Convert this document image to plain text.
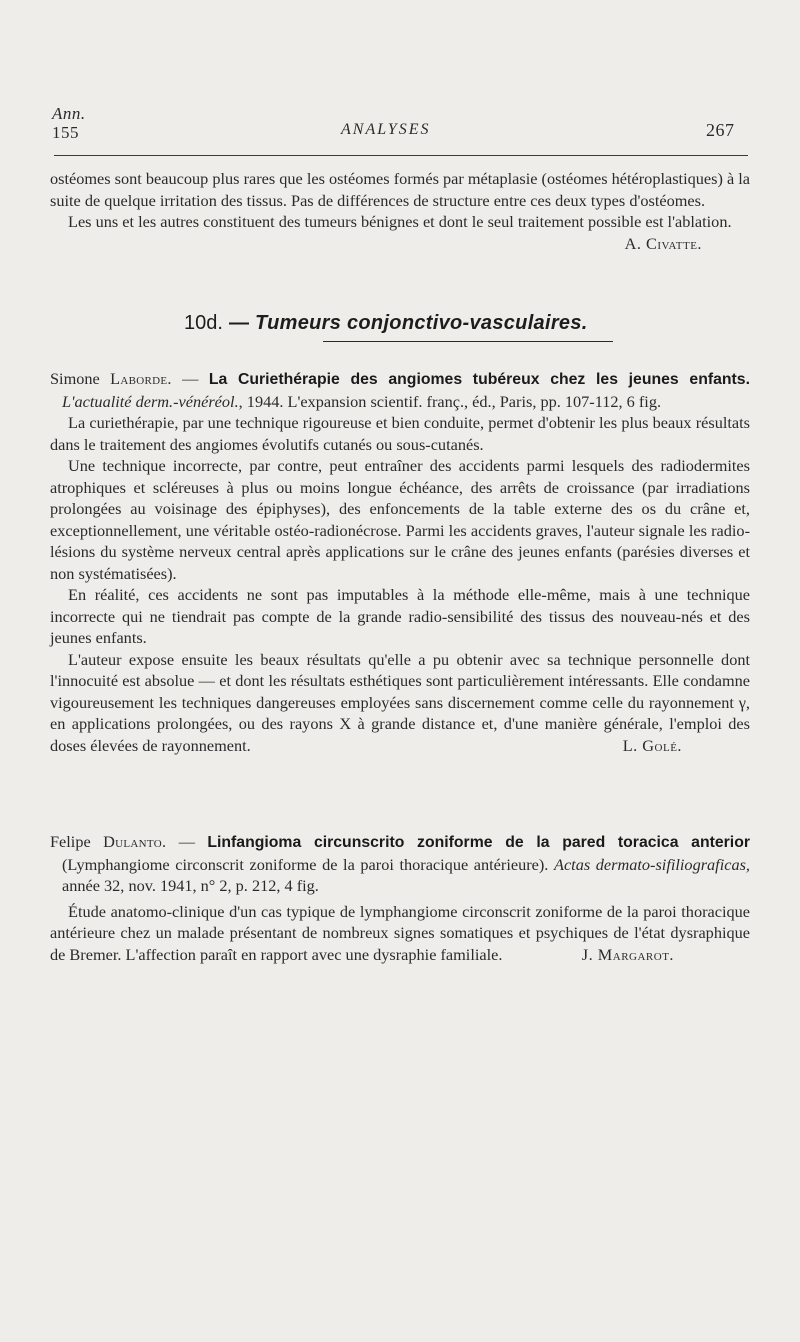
Ann.
155	ANALYSES	267

ostéomes sont beaucoup plus rares que les ostéomes formés par métaplasie (ostéomes hétéroplastiques) à la suite de quelque irritation des tissus. Pas de différences de structure entre ces deux types d'ostéomes.

Les uns et les autres constituent des tumeurs bénignes et dont le seul traitement possible est l'ablation.
A. Civatte.

10d. — Tumeurs conjonctivo-vasculaires.

Simone Laborde. — La Curiethérapie des angiomes tubéreux chez les jeunes enfants. L'actualité derm.-vénéréol., 1944. L'expansion scientif. franç., éd., Paris, pp. 107-112, 6 fig.

La curiethérapie, par une technique rigoureuse et bien conduite, permet d'obtenir les plus beaux résultats dans le traitement des angiomes évolutifs cutanés ou sous-cutanés.

Une technique incorrecte, par contre, peut entraîner des accidents parmi lesquels des radiodermites atrophiques et scléreuses à plus ou moins longue échéance, des arrêts de croissance (par irradiations prolongées au voisinage des épiphyses), des enfoncements de la table externe des os du crâne et, exceptionnellement, une véritable ostéo-radionécrose. Parmi les accidents graves, l'auteur signale les radio-lésions du système nerveux central après applications sur le crâne des jeunes enfants (parésies diverses et non systématisées).

En réalité, ces accidents ne sont pas imputables à la méthode elle-même, mais à une technique incorrecte qui ne tiendrait pas compte de la grande radio-sensibilité des tissus des nouveau-nés et des jeunes enfants.

L'auteur expose ensuite les beaux résultats qu'elle a pu obtenir avec sa technique personnelle dont l'innocuité est absolue — et dont les résultats esthétiques sont particulièrement intéressants. Elle condamne vigoureusement les techniques dangereuses employées sans discernement comme celle du rayonnement γ, en applications prolongées, ou des rayons X à grande distance et, d'une manière générale, l'emploi des doses élevées de rayonnement.	L. Golé.

Felipe Dulanto. — Linfangioma circunscrito zoniforme de la pared toracica anterior (Lymphangiome circonscrit zoniforme de la paroi thoracique antérieure). Actas dermato-sifiliograficas, année 32, nov. 1941, n° 2, p. 212, 4 fig.

Étude anatomo-clinique d'un cas typique de lymphangiome circonscrit zoniforme de la paroi thoracique antérieure chez un malade présentant de nombreux signes somatiques et psychiques de l'état dysraphique de Bremer. L'affection paraît en rapport avec une dysraphie familiale.	J. Margarot.
